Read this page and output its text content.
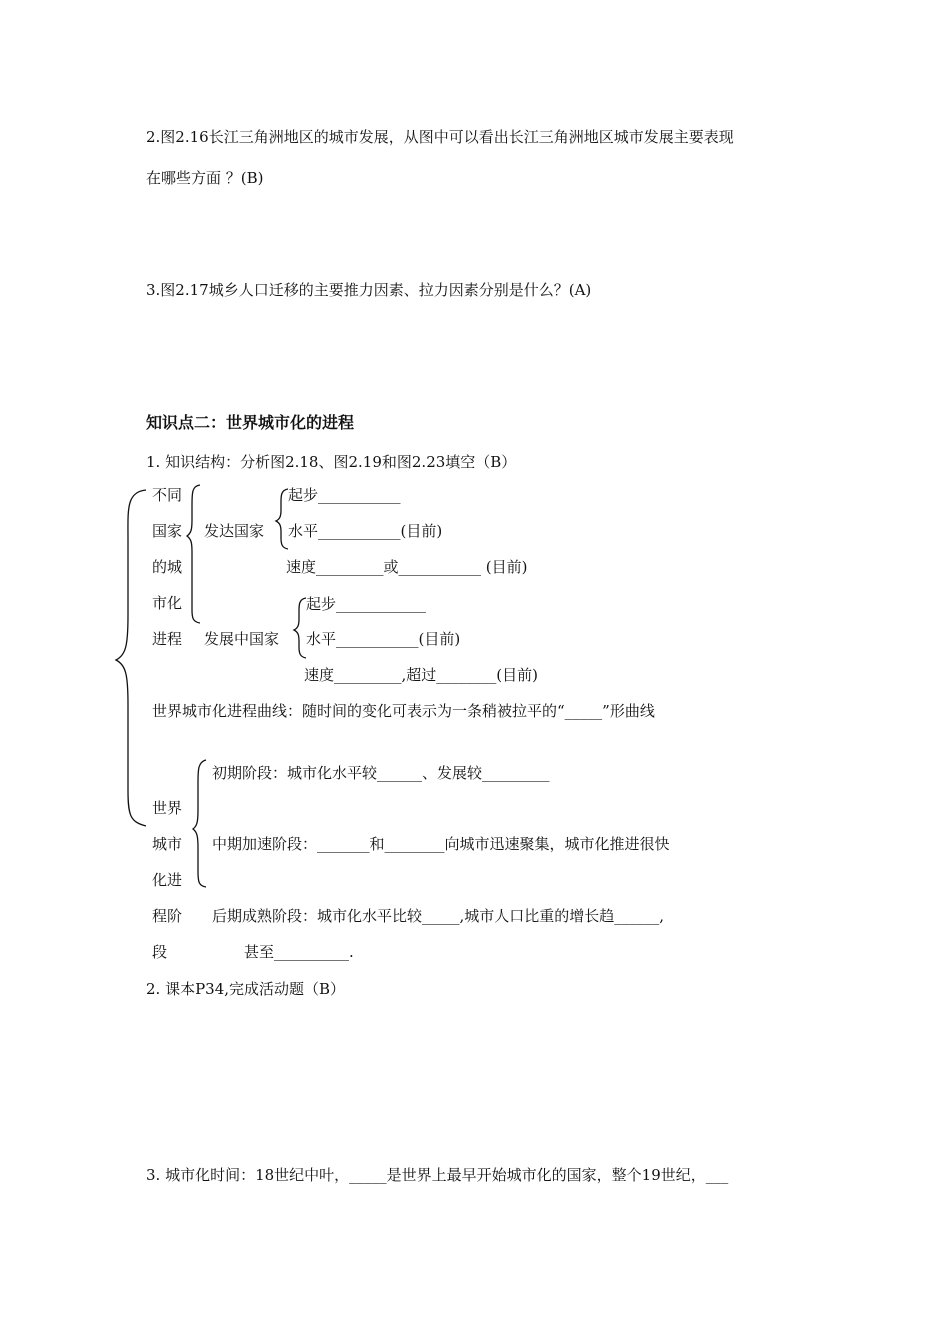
2.图2.16长江三角洲地区的城市发展，从图中可以看出长江三角洲地区城市发展主要表现
在哪些方面 ？(B)
3.图2.17城乡人口迁移的主要推力因素、拉力因素分别是什么？(A)
知识点二：世界城市化的进程
1. 知识结构：分析图2.18、图2.19和图2.23填空（B）
不同
国家
的城
市化
进程
发达国家
起步___________
水平___________(目前)
速度_________或___________ (目前)
发展中国家
起步____________
水平___________(目前)
速度_________,超过________(目前)
世界城市化进程曲线：随时间的变化可表示为一条稍被拉平的“_____”形曲线
世界
城市
化进
程阶
段
初期阶段：城市化水平较______、发展较_________
中期加速阶段：_______和________向城市迅速聚集，城市化推进很快
后期成熟阶段：城市化水平比较_____,城市人口比重的增长趋______,
甚至__________.
2. 课本P34,完成活动题（B）
3. 城市化时间：18世纪中叶，_____是世界上最早开始城市化的国家，整个19世纪，___
